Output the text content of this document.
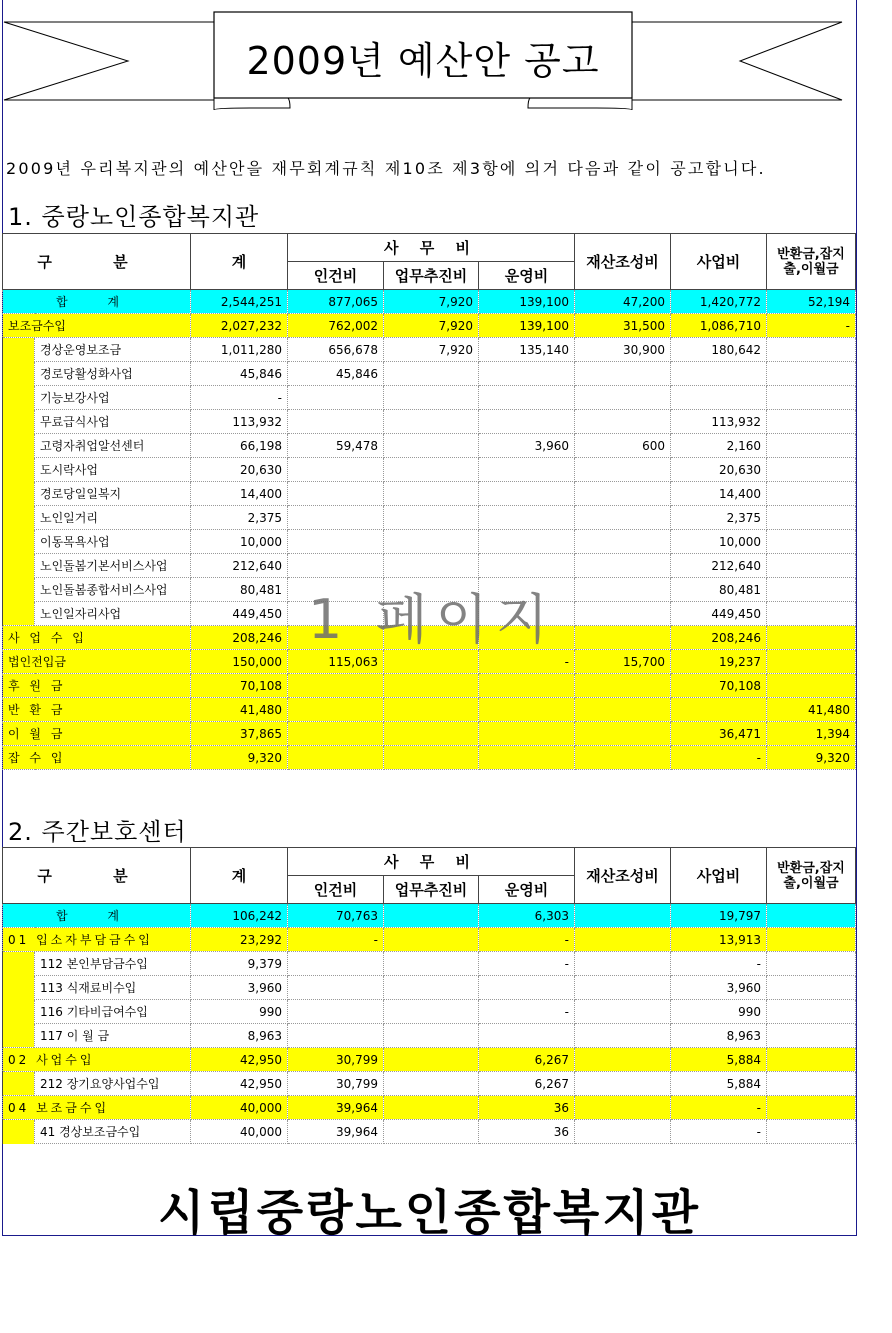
2009년 예산안 공고
2009년 우리복지관의 예산안을 재무회계규칙 제10조 제3항에 의거 다음과 같이 공고합니다.
1. 중랑노인종합복지관
구 분		계	사 무 비			재산조성비	사업비	반환금,잡지출,이월금
			인건비	업무추진비	운영비			
합 계		2,544,251	877,065	7,920	139,100	47,200	1,420,772	52,194
보조금수입		2,027,232	762,002	7,920	139,100	31,500	1,086,710	-
	경상운영보조금	1,011,280	656,678	7,920	135,140	30,900	180,642	
	경로당활성화사업	45,846	45,846					
	기능보강사업	-						
	무료급식사업	113,932					113,932	
	고령자취업알선센터	66,198	59,478		3,960	600	2,160	
	도시락사업	20,630					20,630	
	경로당일일복지	14,400					14,400	
	노인일거리	2,375					2,375	
	이동목욕사업	10,000					10,000	
	노인돌봄기본서비스사업	212,640					212,640	
	노인돌봄종합서비스사업	80,481					80,481	
	노인일자리사업	449,450					449,450	
사 업 수 입		208,246					208,246	
법인전입금		150,000	115,063		-	15,700	19,237	
후 원 금		70,108					70,108	
반 환 금		41,480						41,480
이 월 금		37,865					36,471	1,394
잡 수 입		9,320					-	9,320
2. 주간보호센터
구 분		계	사 무 비			재산조성비	사업비	반환금,잡지출,이월금
			인건비	업무추진비	운영비			
합 계		106,242	70,763		6,303		19,797	
01 입소자부담금수입		23,292	-		-		13,913	
	112 본인부담금수입	9,379			-		-	
	113 식재료비수입	3,960					3,960	
	116 기타비급여수입	990			-		990	
	117 이 월 금	8,963					8,963	
02 사업수입		42,950	30,799		6,267		5,884	
	212 장기요양사업수입	42,950	30,799		6,267		5,884	
04 보조금수입		40,000	39,964		36		-	
	41 경상보조금수입	40,000	39,964		36		-	
1 페이지
시립중랑노인종합복지관
